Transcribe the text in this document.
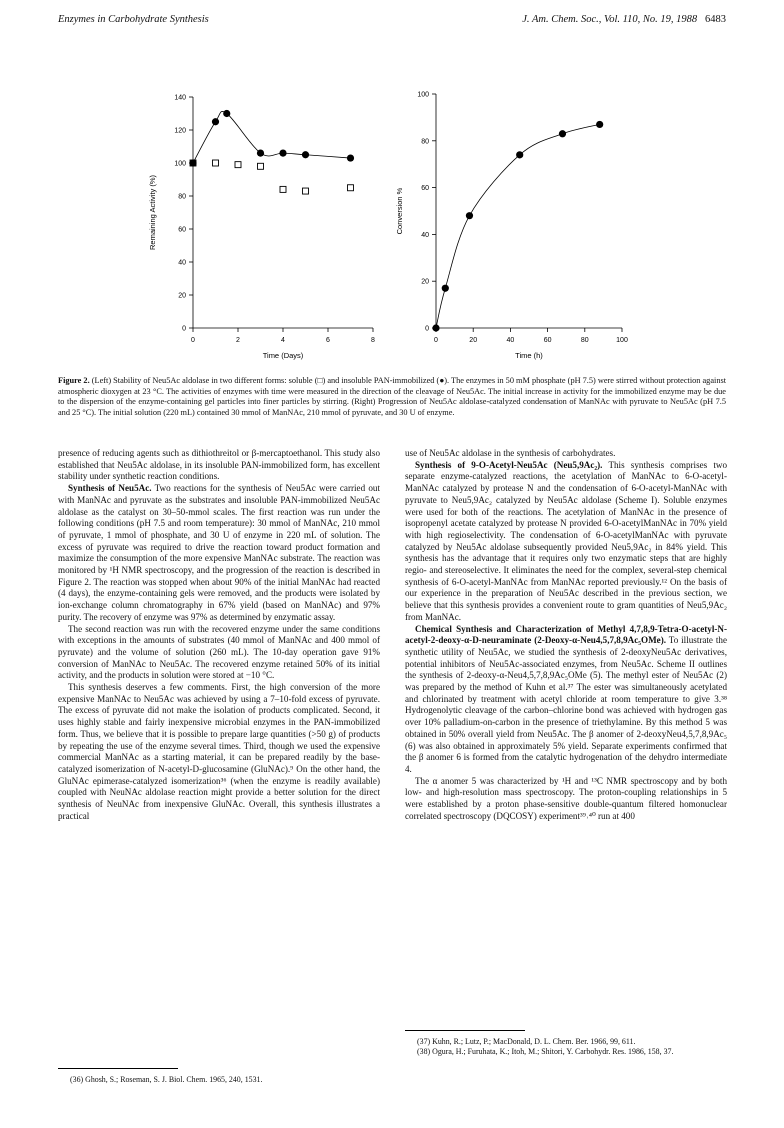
Enzymes in Carbohydrate Synthesis	J. Am. Chem. Soc., Vol. 110, No. 19, 1988 6483
0
20
40
60
80
100
120
140
0	2	4	6	8
Time (Days)
Remaining Activity (%)
0
20
40
60
80
100
0	20	40	60	80	100
Time (h)
Conversion %
Figure 2. (Left) Stability of Neu5Ac aldolase in two different forms: soluble (□) and insoluble PAN-immobilized (●). The enzymes in 50 mM phosphate (pH 7.5) were stirred without protection against atmospheric dioxygen at 23 °C. The activities of enzymes with time were measured in the direction of the cleavage of Neu5Ac. The initial increase in activity for the immobilized enzyme may be due to the dispersion of the enzyme-containing gel particles into finer particles by stirring. (Right) Progression of Neu5Ac aldolase-catalyzed condensation of ManNAc with pyruvate to Neu5Ac (pH 7.5 and 25 °C). The initial solution (220 mL) contained 30 mmol of ManNAc, 210 mmol of pyruvate, and 30 U of enzyme.

presence of reducing agents such as dithiothreitol or β-mercaptoethanol. This study also established that Neu5Ac aldolase, in its insoluble PAN-immobilized form, has excellent stability under synthetic reaction conditions.

Synthesis of Neu5Ac. Two reactions for the synthesis of Neu5Ac were carried out with ManNAc and pyruvate as the substrates and insoluble PAN-immobilized Neu5Ac aldolase as the catalyst on 30–50-mmol scales. The first reaction was run under the following conditions (pH 7.5 and room temperature): 30 mmol of ManNAc, 210 mmol of pyruvate, 1 mmol of phosphate, and 30 U of enzyme in 220 mL of solution. The excess of pyruvate was required to drive the reaction toward product formation and maximize the consumption of the more expensive ManNAc substrate. The reaction was monitored by ¹H NMR spectroscopy, and the progression of the reaction is described in Figure 2. The reaction was stopped when about 90% of the initial ManNAc had reacted (4 days), the enzyme-containing gels were removed, and the products were isolated by ion-exchange column chromatography in 67% yield (based on ManNAc) and 97% purity. The recovery of enzyme was 97% as determined by enzymatic assay.

The second reaction was run with the recovered enzyme under the same conditions with exceptions in the amounts of substrates (40 mmol of ManNAc and 400 mmol of pyruvate) and the volume of solution (260 mL). The 10-day operation gave 91% conversion of ManNAc to Neu5Ac. The recovered enzyme retained 50% of its initial activity, and the products in solution were stored at −10 °C.

This synthesis deserves a few comments. First, the high conversion of the more expensive ManNAc to Neu5Ac was achieved by using a 7–10-fold excess of pyruvate. The excess of pyruvate did not make the isolation of products complicated. Second, it uses highly stable and fairly inexpensive microbial enzymes in the PAN-immobilized form. Thus, we believe that it is possible to prepare large quantities (>50 g) of products by repeating the use of the enzyme several times. Third, though we used the expensive commercial ManNAc as a starting material, it can be prepared readily by the base-catalyzed isomerization of N-acetyl-D-glucosamine (GluNAc).⁹ On the other hand, the GluNAc epimerase-catalyzed isomerization³⁶ (when the enzyme is readily available) coupled with NeuNAc aldolase reaction might provide a better solution for the direct synthesis of NeuNAc from inexpensive GluNAc. Overall, this synthesis illustrates a practical

use of Neu5Ac aldolase in the synthesis of carbohydrates.

Synthesis of 9-O-Acetyl-Neu5Ac (Neu5,9Ac₂). This synthesis comprises two separate enzyme-catalyzed reactions, the acetylation of ManNAc to 6-O-acetyl-ManNAc catalyzed by protease N and the condensation of 6-O-acetyl-ManNAc with pyruvate to Neu5,9Ac₂ catalyzed by Neu5Ac aldolase (Scheme I). Soluble enzymes were used for both of the reactions. The acetylation of ManNAc in the presence of isopropenyl acetate catalyzed by protease N provided 6-O-acetylManNAc in 70% yield with high regioselectivity. The condensation of 6-O-acetylManNAc with pyruvate catalyzed by Neu5Ac aldolase subsequently provided Neu5,9Ac₂ in 84% yield. This synthesis has the advantage that it requires only two enzymatic steps that are highly regio- and stereoselective. It eliminates the need for the complex, several-step chemical synthesis of 6-O-acetyl-ManNAc from ManNAc reported previously.¹² On the basis of our experience in the preparation of Neu5Ac described in the previous section, we believe that this synthesis provides a convenient route to gram quantities of Neu5,9Ac₂ from ManNAc.

Chemical Synthesis and Characterization of Methyl 4,7,8,9-Tetra-O-acetyl-N-acetyl-2-deoxy-α-D-neuraminate (2-Deoxy-α-Neu4,5,7,8,9Ac₅OMe). To illustrate the synthetic utility of Neu5Ac, we studied the synthesis of 2-deoxyNeu5Ac derivatives, potential inhibitors of Neu5Ac-associated enzymes, from Neu5Ac. Scheme II outlines the synthesis of 2-deoxy-α-Neu4,5,7,8,9Ac₅OMe (5). The methyl ester of Neu5Ac (2) was prepared by the method of Kuhn et al.³⁷ The ester was simultaneously acetylated and chlorinated by treatment with acetyl chloride at room temperature to give 3.³⁸ Hydrogenolytic cleavage of the carbon–chlorine bond was achieved with hydrogen gas over 10% palladium-on-carbon in the presence of triethylamine. By this method 5 was obtained in 50% overall yield from Neu5Ac. The β anomer of 2-deoxyNeu4,5,7,8,9Ac₅ (6) was also obtained in approximately 5% yield. Separate experiments confirmed that the β anomer 6 is formed from the catalytic hydrogenation of the dehydro intermediate 4.

The α anomer 5 was characterized by ¹H and ¹³C NMR spectroscopy and by both low- and high-resolution mass spectroscopy. The proton-coupling relationships in 5 were established by a proton phase-sensitive double-quantum filtered homonuclear correlated spectroscopy (DQCOSY) experiment³⁹˒⁴⁰ run at 400

(36) Ghosh, S.; Roseman, S. J. Biol. Chem. 1965, 240, 1531.
(37) Kuhn, R.; Lutz, P.; MacDonald, D. L. Chem. Ber. 1966, 99, 611.
(38) Ogura, H.; Furuhata, K.; Itoh, M.; Shitori, Y. Carbohydr. Res. 1986, 158, 37.
